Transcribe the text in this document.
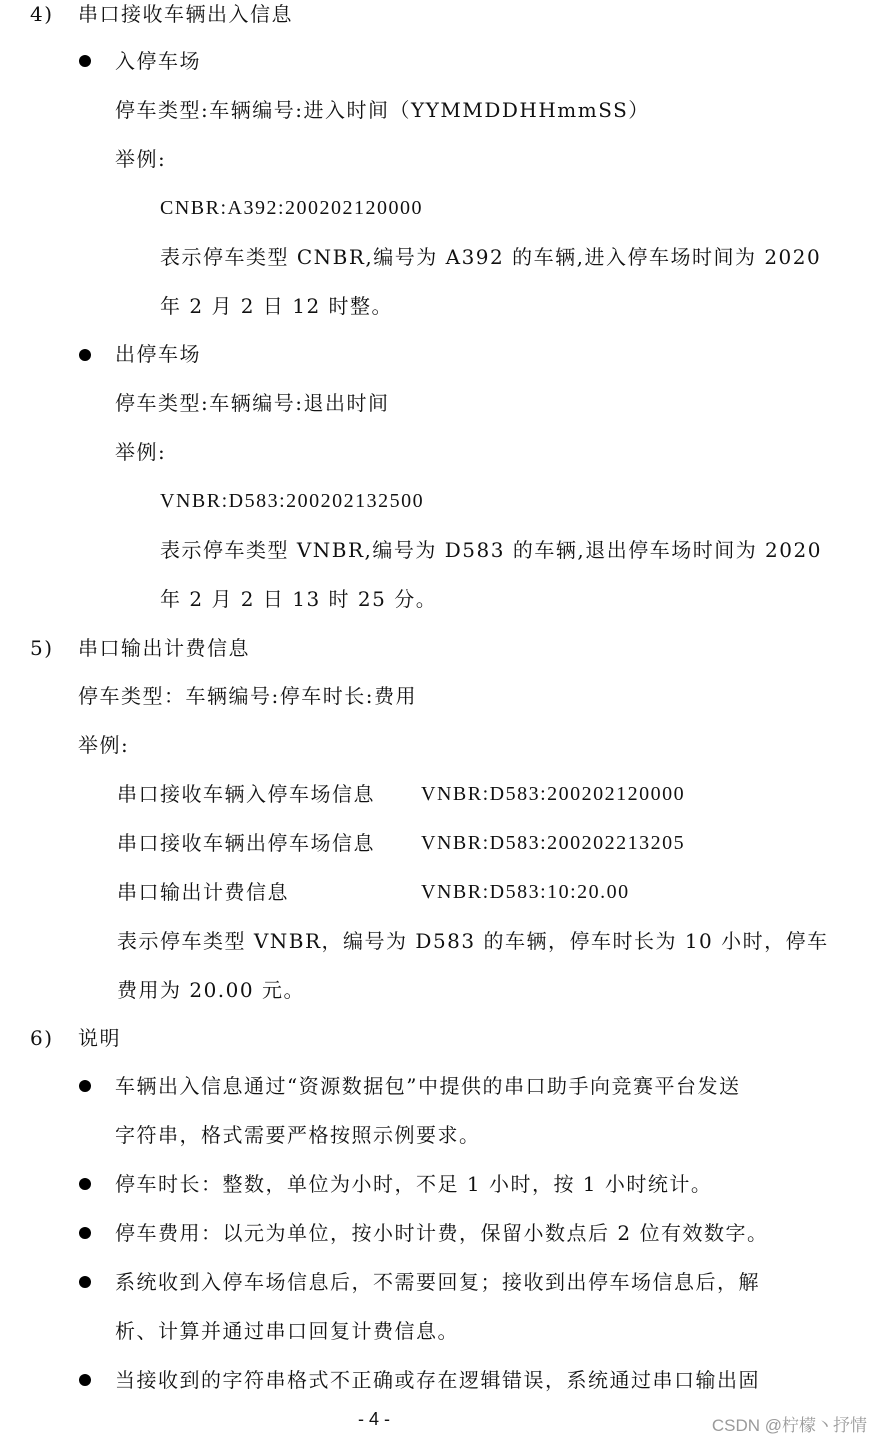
4) 串口接收车辆出入信息
入停车场
停车类型:车辆编号:进入时间（YYMMDDHHmmSS）
举例:
CNBR:A392:200202120000
表示停车类型 CNBR,编号为 A392 的车辆,进入停车场时间为 2020
年 2 月 2 日 12 时整。
出停车场
停车类型:车辆编号:退出时间
举例:
VNBR:D583:200202132500
表示停车类型 VNBR,编号为 D583 的车辆,退出停车场时间为 2020
年 2 月 2 日 13 时 25 分。
5) 串口输出计费信息
停车类型：车辆编号:停车时长:费用
举例:
串口接收车辆入停车场信息 VNBR:D583:200202120000
串口接收车辆出停车场信息 VNBR:D583:200202213205
串口输出计费信息	VNBR:D583:10:20.00
表示停车类型 VNBR，编号为 D583 的车辆，停车时长为 10 小时，停车
费用为 20.00 元。
6) 说明
车辆出入信息通过“资源数据包”中提供的串口助手向竞赛平台发送
字符串，格式需要严格按照示例要求。
停车时长：整数，单位为小时，不足 1 小时，按 1 小时统计。
停车费用：以元为单位，按小时计费，保留小数点后 2 位有效数字。
系统收到入停车场信息后，不需要回复；接收到出停车场信息后，解
析、计算并通过串口回复计费信息。
当接收到的字符串格式不正确或存在逻辑错误，系统通过串口输出固
- 4 -	CSDN @柠檬丶抒情
